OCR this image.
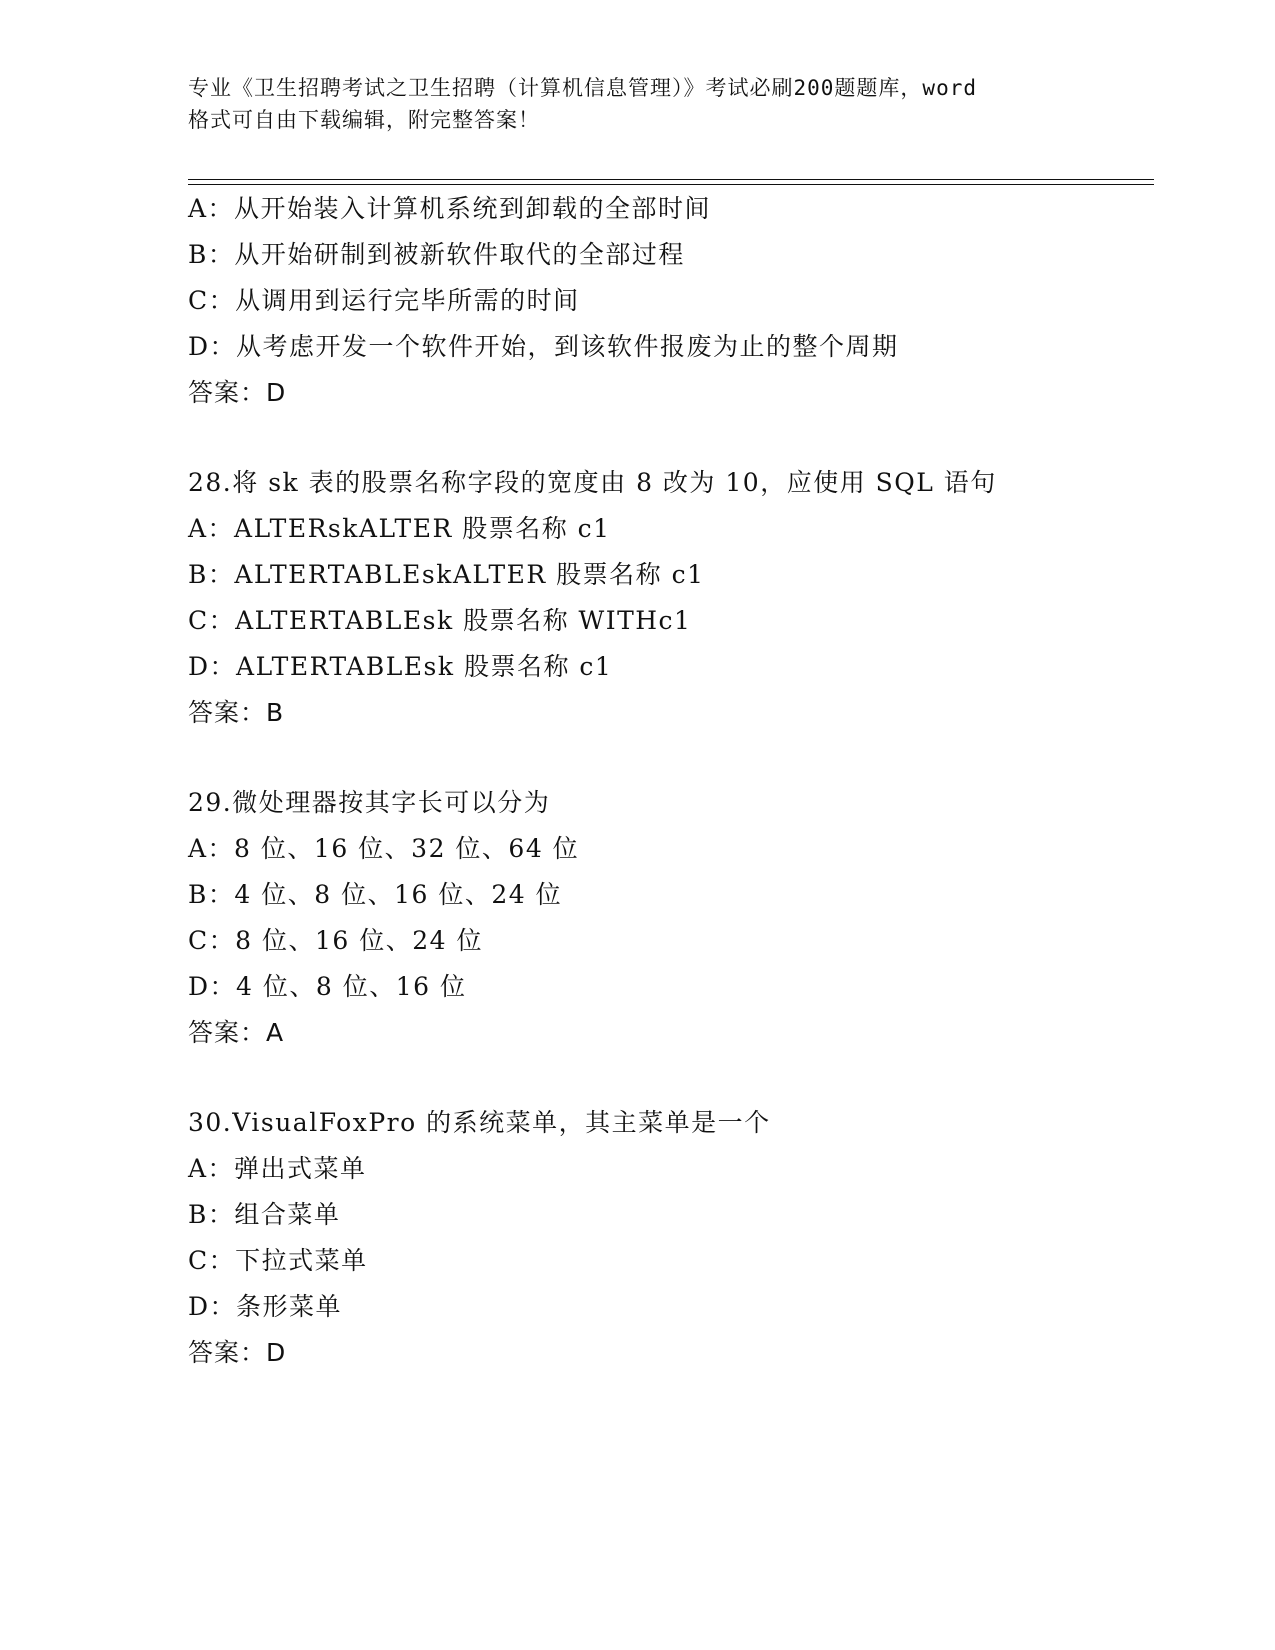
专业《卫生招聘考试之卫生招聘（计算机信息管理）》考试必刷200题题库，word
格式可自由下载编辑，附完整答案！
A：从开始装入计算机系统到卸载的全部时间
B：从开始研制到被新软件取代的全部过程
C：从调用到运行完毕所需的时间
D：从考虑开发一个软件开始，到该软件报废为止的整个周期
答案：D
28.将 sk 表的股票名称字段的宽度由 8 改为 10，应使用 SQL 语句
A：ALTERskALTER 股票名称 c1
B：ALTERTABLEskALTER 股票名称 c1
C：ALTERTABLEsk 股票名称 WITHc1
D：ALTERTABLEsk 股票名称 c1
答案：B
29.微处理器按其字长可以分为
A：8 位、16 位、32 位、64 位
B：4 位、8 位、16 位、24 位
C：8 位、16 位、24 位
D：4 位、8 位、16 位
答案：A
30.VisualFoxPro 的系统菜单，其主菜单是一个
A：弹出式菜单
B：组合菜单
C：下拉式菜单
D：条形菜单
答案：D
